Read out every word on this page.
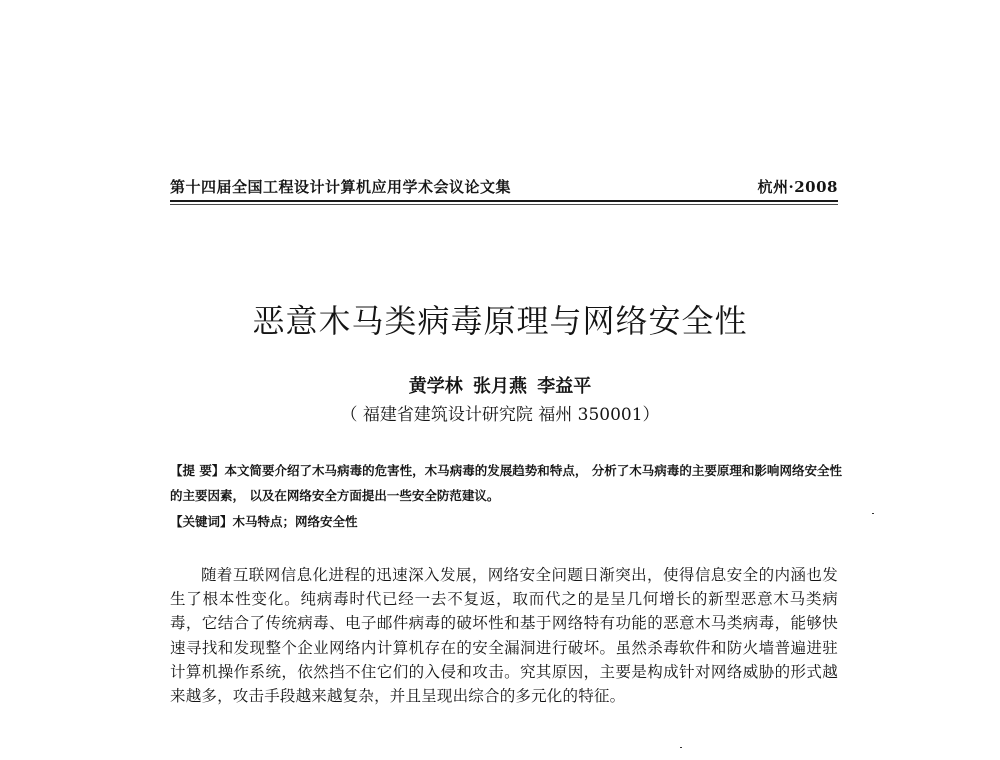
第十四届全国工程设计计算机应用学术会议论文集	杭州·2008
恶意木马类病毒原理与网络安全性
黄学林 张月燕 李益平
（ 福建省建筑设计研究院 福州 350001）
【提 要】本文简要介绍了木马病毒的危害性，木马病毒的发展趋势和特点， 分析了木马病毒的主要原理和影响网络安全性的主要因素， 以及在网络安全方面提出一些安全防范建议。
【关键词】木马特点；网络安全性
随着互联网信息化进程的迅速深入发展，网络安全问题日渐突出，使得信息安全的内涵也发生了根本性变化。纯病毒时代已经一去不复返，取而代之的是呈几何增长的新型恶意木马类病毒，它结合了传统病毒、电子邮件病毒的破坏性和基于网络特有功能的恶意木马类病毒，能够快速寻找和发现整个企业网络内计算机存在的安全漏洞进行破坏。虽然杀毒软件和防火墙普遍进驻计算机操作系统，依然挡不住它们的入侵和攻击。究其原因，主要是构成针对网络威胁的形式越来越多，攻击手段越来越复杂，并且呈现出综合的多元化的特征。
